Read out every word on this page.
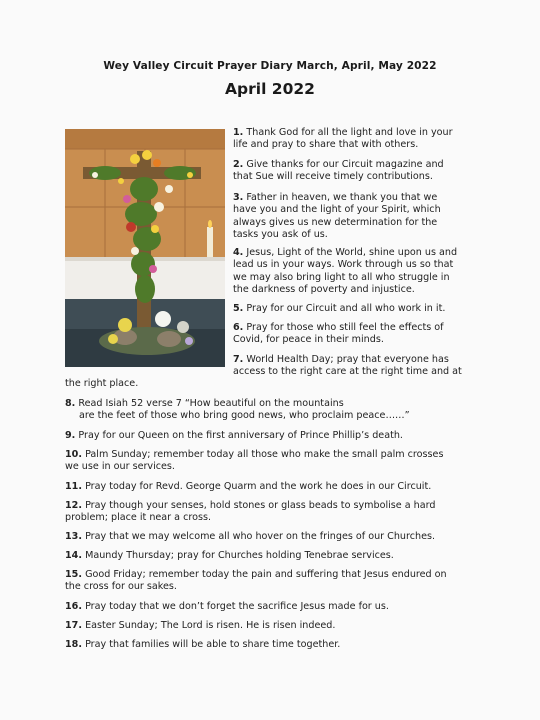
Wey Valley Circuit Prayer Diary March, April, May 2022
April 2022
1. Thank God for all the light and love in your
life and pray to share that with others.
2. Give thanks for our Circuit magazine and
that Sue will receive timely contributions.
3. Father in heaven, we thank you that we
have you and the light of your Spirit, which
always gives us new determination for the
tasks you ask of us.
4. Jesus, Light of the World, shine upon us and
lead us in your ways. Work through us so that
we may also bring light to all who struggle in
the darkness of poverty and injustice.
5. Pray for our Circuit and all who work in it.
6. Pray for those who still feel the effects of
Covid, for peace in their minds.
7. World Health Day; pray that everyone has
access to the right care at the right time and at
the right place.
8. Read Isiah 52 verse 7 “How beautiful on the mountains
are the feet of those who bring good news, who proclaim peace……”
9. Pray for our Queen on the first anniversary of Prince Phillip’s death.
10. Palm Sunday; remember today all those who make the small palm crosses
we use in our services.
11. Pray today for Revd. George Quarm and the work he does in our Circuit.
12. Pray though your senses, hold stones or glass beads to symbolise a hard
problem; place it near a cross.
13. Pray that we may welcome all who hover on the fringes of our Churches.
14. Maundy Thursday; pray for Churches holding Tenebrae services.
15. Good Friday; remember today the pain and suffering that Jesus endured on
the cross for our sakes.
16. Pray today that we don’t forget the sacrifice Jesus made for us.
17. Easter Sunday; The Lord is risen. He is risen indeed.
18. Pray that families will be able to share time together.
